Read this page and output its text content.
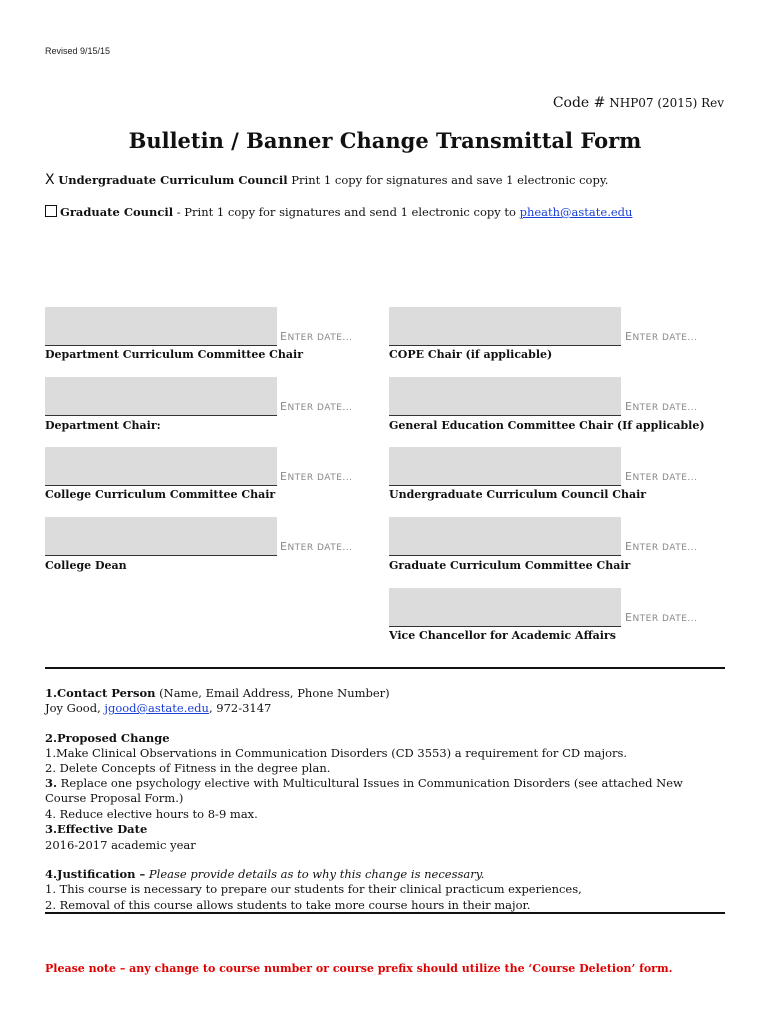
Revised 9/15/15
Code # NHP07 (2015) Rev
Bulletin / Banner Change Transmittal Form
X Undergraduate Curriculum Council Print 1 copy for signatures and save 1 electronic copy.
Graduate Council - Print 1 copy for signatures and send 1 electronic copy to pheath@astate.edu
ENTER DATE...
Department Curriculum Committee Chair
ENTER DATE...
Department Chair:
ENTER DATE...
College Curriculum Committee Chair
ENTER DATE...
College Dean
ENTER DATE...
COPE Chair (if applicable)
ENTER DATE...
General Education Committee Chair (If applicable)
ENTER DATE...
Undergraduate Curriculum Council Chair
ENTER DATE...
Graduate Curriculum Committee Chair
ENTER DATE...
Vice Chancellor for Academic Affairs
1.Contact Person (Name, Email Address, Phone Number)
Joy Good, jgood@astate.edu, 972-3147
2.Proposed Change
1.Make Clinical Observations in Communication Disorders (CD 3553) a requirement for CD majors.
2. Delete Concepts of Fitness in the degree plan.
3. Replace one psychology elective with Multicultural Issues in Communication Disorders (see attached New Course Proposal Form.)
4. Reduce elective hours to 8-9 max.
3.Effective Date
2016-2017 academic year
4.Justification – Please provide details as to why this change is necessary.
1. This course is necessary to prepare our students for their clinical practicum experiences,
2. Removal of this course allows students to take more course hours in their major.
Please note – any change to course number or course prefix should utilize the ‘Course Deletion’ form.
